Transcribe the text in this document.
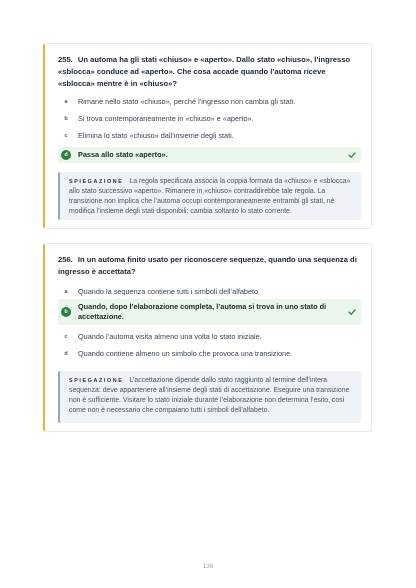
255. Un automa ha gli stati «chiuso» e «aperto». Dallo stato «chiuso», l’ingresso «sblocca» conduce ad «aperto». Che cosa accade quando l’automa riceve «sblocca» mentre è in «chiuso»?
a	Rimane nello stato «chiuso», perché l’ingresso non cambia gli stati.
b	Si trova contemporaneamente in «chiuso» e «aperto».
c	Elimina lo stato «chiuso» dall’insieme degli stati.
d	Passa allo stato «aperto».
SPIEGAZIONE La regola specificata associa la coppia formata da «chiuso» e «sblocca» allo stato successivo «aperto». Rimanere in «chiuso» contraddirebbe tale regola. La transizione non implica che l’automa occupi contemporaneamente entrambi gli stati, né modifica l’insieme degli stati disponibili: cambia soltanto lo stato corrente.
256. In un automa finito usato per riconoscere sequenze, quando una sequenza di ingresso è accettata?
a	Quando la sequenza contiene tutti i simboli dell’alfabeto.
b
Quando, dopo l’elaborazione completa, l’automa si trova in uno stato di accettazione.
c	Quando l’automa visita almeno una volta lo stato iniziale.
d	Quando contiene almeno un simbolo che provoca una transizione.
SPIEGAZIONE L’accettazione dipende dallo stato raggiunto al termine dell’intera sequenza: deve appartenere all’insieme degli stati di accettazione. Eseguire una transizione non è sufficiente. Visitare lo stato iniziale durante l’elaborazione non determina l’esito, così come non è necessario che compaiano tutti i simboli dell’alfabeto.
136
